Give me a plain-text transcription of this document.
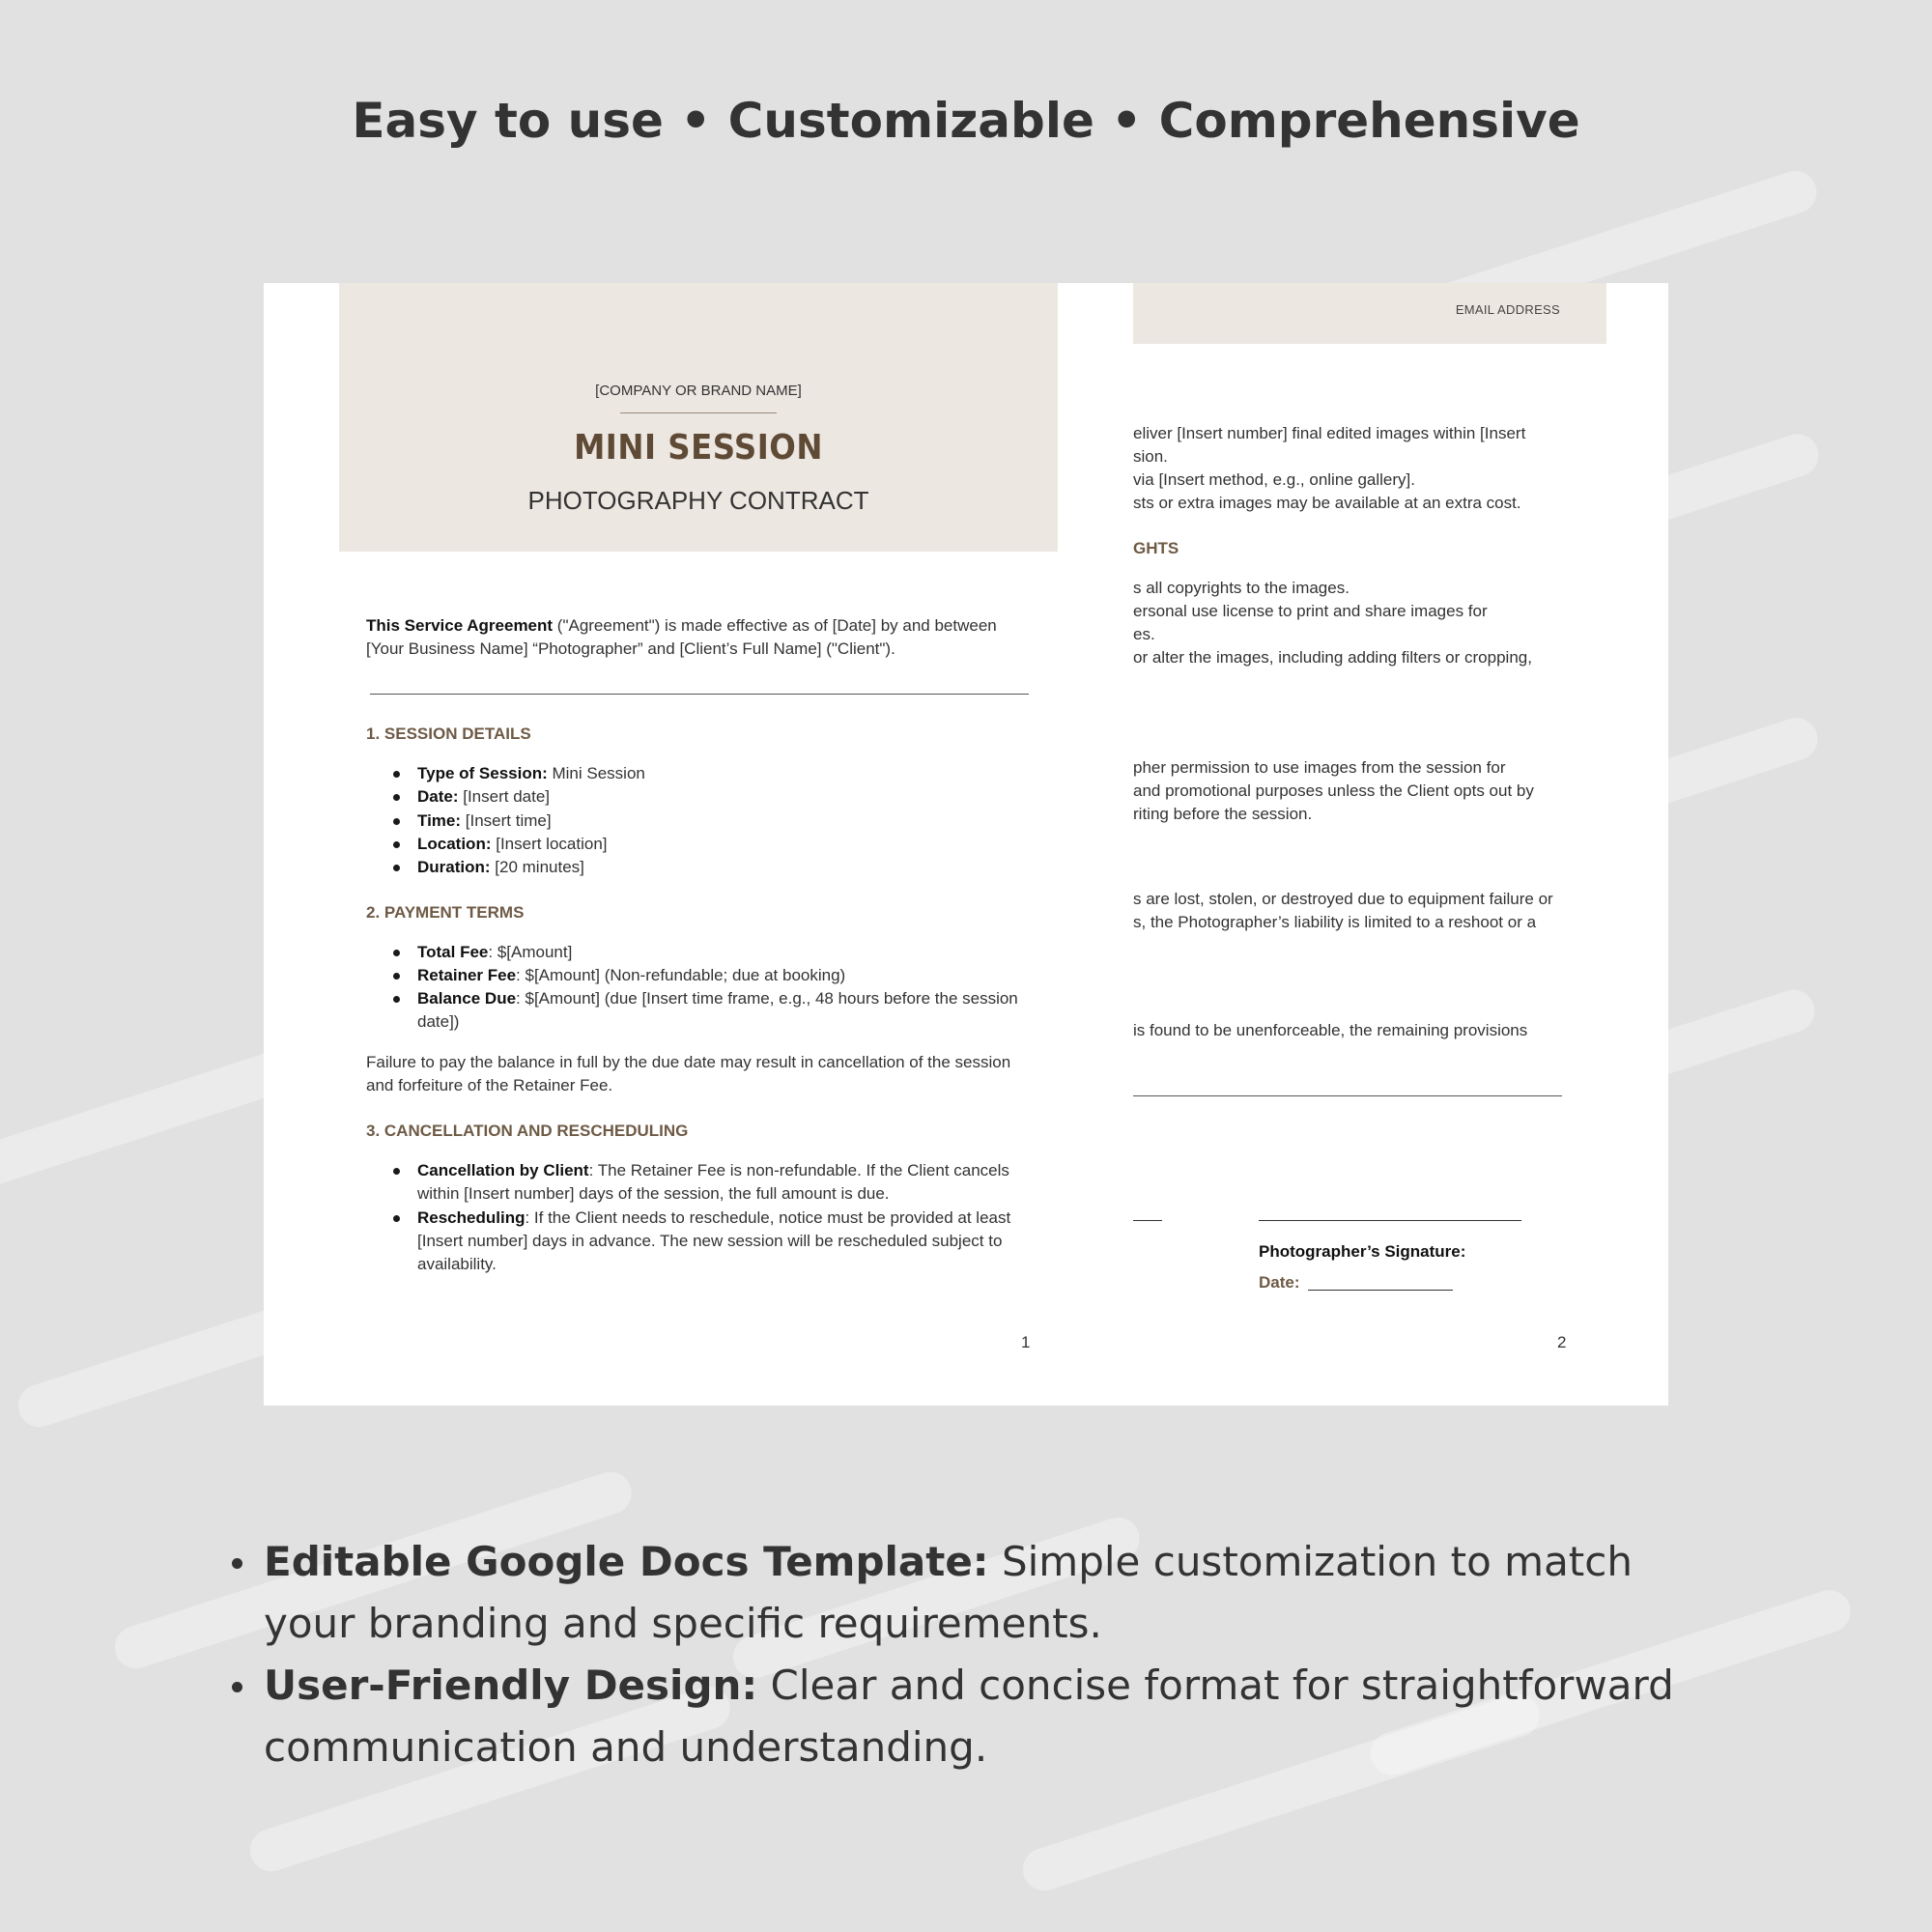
Easy to use • Customizable • Comprehensive
[COMPANY OR BRAND NAME]
MINI SESSION
PHOTOGRAPHY CONTRACT
This Service Agreement ("Agreement") is made effective as of [Date] by and between
[Your Business Name] “Photographer” and [Client’s Full Name] ("Client").
1. SESSION DETAILS
Type of Session: Mini Session
Date: [Insert date]
Time: [Insert time]
Location: [Insert location]
Duration: [20 minutes]
2. PAYMENT TERMS
Total Fee: $[Amount]
Retainer Fee: $[Amount] (Non-refundable; due at booking)
Balance Due: $[Amount] (due [Insert time frame, e.g., 48 hours before the session
date])
Failure to pay the balance in full by the due date may result in cancellation of the session
and forfeiture of the Retainer Fee.
3. CANCELLATION AND RESCHEDULING
Cancellation by Client: The Retainer Fee is non-refundable. If the Client cancels
within [Insert number] days of the session, the full amount is due.
Rescheduling: If the Client needs to reschedule, notice must be provided at least
[Insert number] days in advance. The new session will be rescheduled subject to
availability.
1
EMAIL ADDRESS
eliver [Insert number] final edited images within [Insert
sion.
via [Insert method, e.g., online gallery].
sts or extra images may be available at an extra cost.
GHTS
s all copyrights to the images.
ersonal use license to print and share images for
es.
or alter the images, including adding filters or cropping,
pher permission to use images from the session for
and promotional purposes unless the Client opts out by
riting before the session.
s are lost, stolen, or destroyed due to equipment failure or
s, the Photographer’s liability is limited to a reshoot or a
is found to be unenforceable, the remaining provisions
Photographer’s Signature:
Date:
2
Editable Google Docs Template: Simple customization to match your branding and specific requirements.
User-Friendly Design: Clear and concise format for straightforward communication and understanding.
